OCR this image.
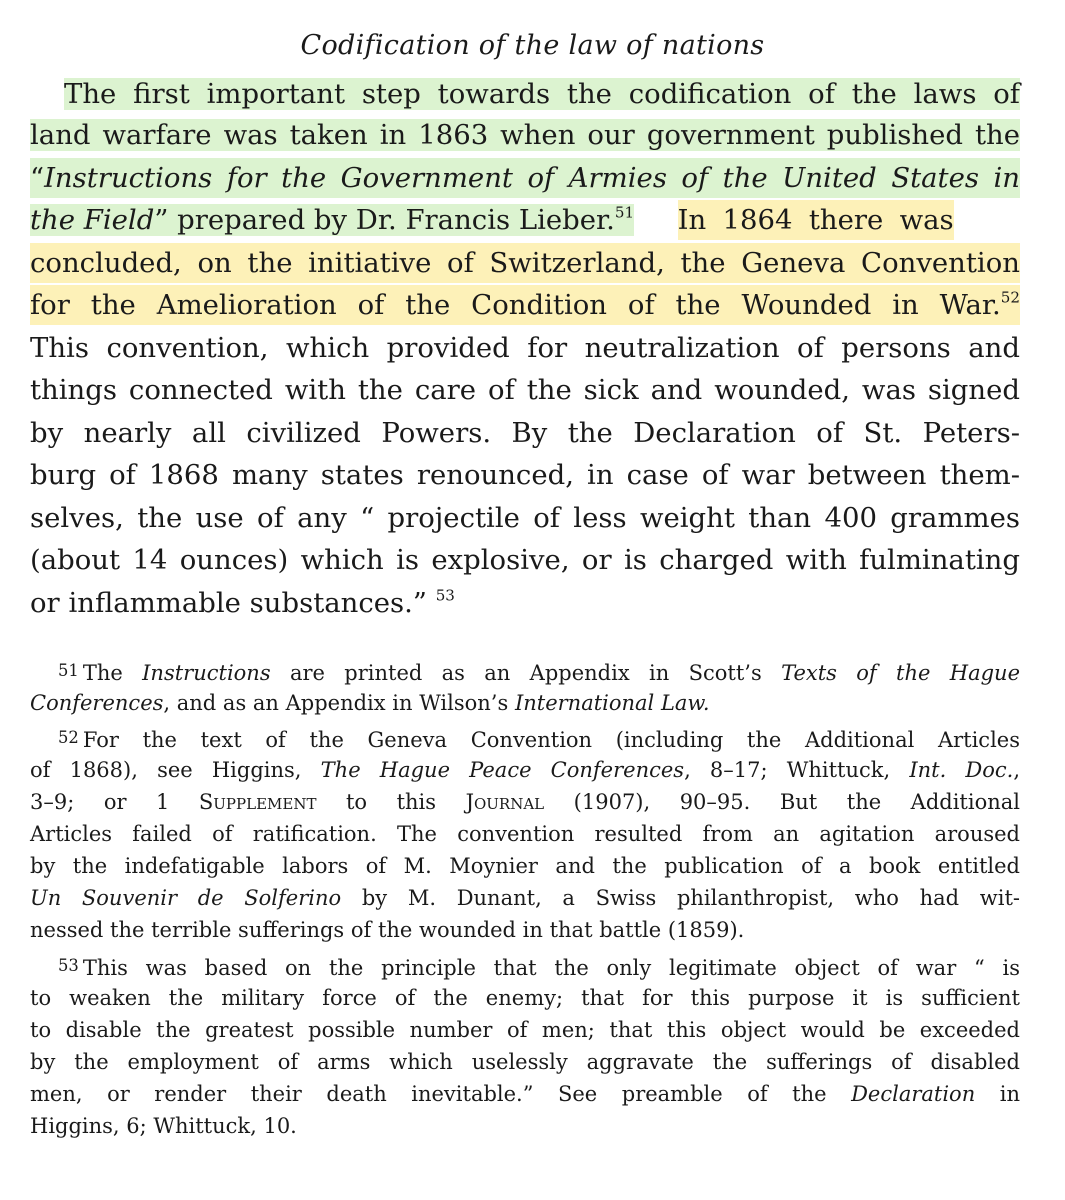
Codification of the law of nations
The first important step towards the codification of the laws of
land warfare was taken in 1863 when our government published the
“Instructions for the Government of Armies of the United States in
the Field” prepared by Dr. Francis Lieber.$^{51}$ In 1864 there was
concluded, on the initiative of Switzerland, the Geneva Convention
for the Amelioration of the Condition of the Wounded in War.$^{52}$
This convention, which provided for neutralization of persons and
things connected with the care of the sick and wounded, was signed
by nearly all civilized Powers. By the Declaration of St. Peters-
burg of 1868 many states renounced, in case of war between them-
selves, the use of any “ projectile of less weight than 400 grammes
(about 14 ounces) which is explosive, or is charged with fulminating
or inflammable substances.” $^{53}$
51 The Instructions are printed as an Appendix in Scott’s Texts of the Hague
Conferences, and as an Appendix in Wilson’s International Law.
52 For the text of the Geneva Convention (including the Additional Articles
of 1868), see Higgins, The Hague Peace Conferences, 8–17; Whittuck, Int. Doc.,
3–9; or 1 Supplement to this Journal (1907), 90–95. But the Additional
Articles failed of ratification. The convention resulted from an agitation aroused
by the indefatigable labors of M. Moynier and the publication of a book entitled
Un Souvenir de Solferino by M. Dunant, a Swiss philanthropist, who had wit-
nessed the terrible sufferings of the wounded in that battle (1859).
53 This was based on the principle that the only legitimate object of war “ is
to weaken the military force of the enemy; that for this purpose it is sufficient
to disable the greatest possible number of men; that this object would be exceeded
by the employment of arms which uselessly aggravate the sufferings of disabled
men, or render their death inevitable.” See preamble of the Declaration in
Higgins, 6; Whittuck, 10.
